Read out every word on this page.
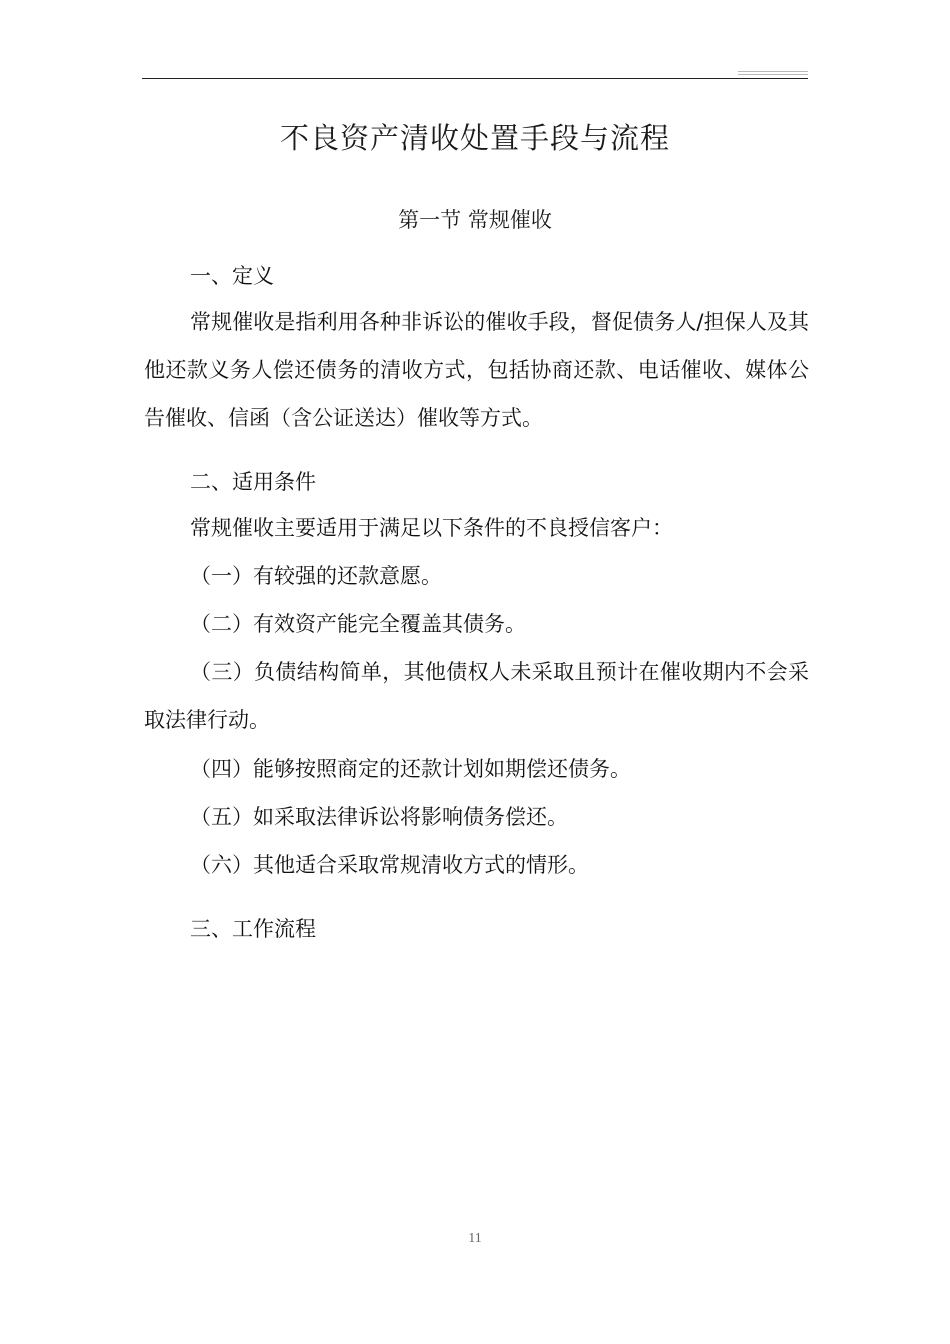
不良资产清收处置手段与流程
第一节 常规催收
一、定义

常规催收是指利用各种非诉讼的催收手段，督促债务人/担保人及其他还款义务人偿还债务的清收方式，包括协商还款、电话催收、媒体公告催收、信函（含公证送达）催收等方式。

二、适用条件

常规催收主要适用于满足以下条件的不良授信客户：

（一）有较强的还款意愿。

（二）有效资产能完全覆盖其债务。

（三）负债结构简单，其他债权人未采取且预计在催收期内不会采取法律行动。

（四）能够按照商定的还款计划如期偿还债务。

（五）如采取法律诉讼将影响债务偿还。

（六）其他适合采取常规清收方式的情形。

三、工作流程
11
